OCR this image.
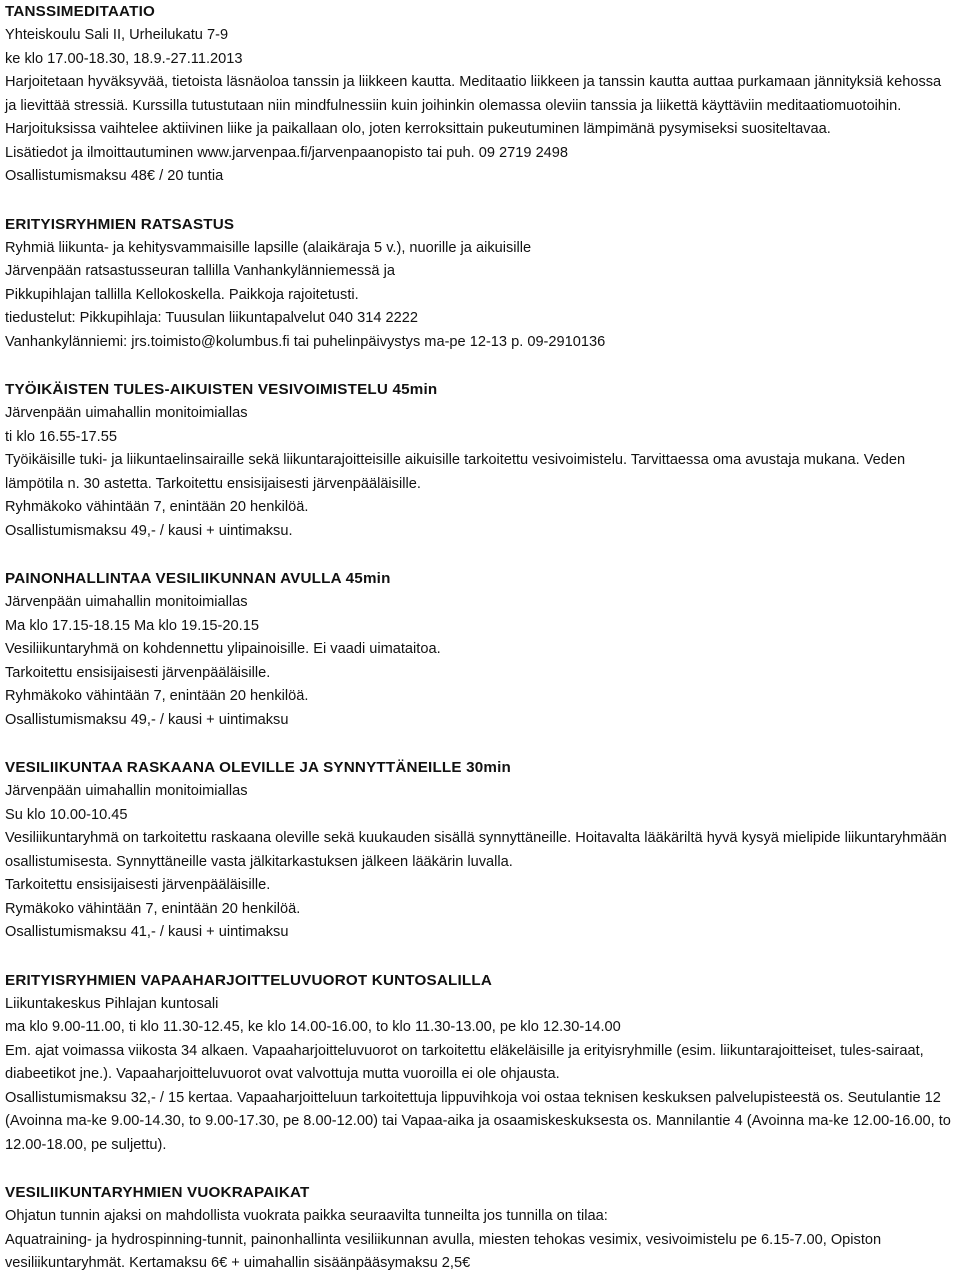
TANSSIMEDITAATIO
Yhteiskoulu Sali II, Urheilukatu 7-9
ke klo 17.00-18.30, 18.9.-27.11.2013
Harjoitetaan hyväksyvää, tietoista läsnäoloa tanssin ja liikkeen kautta. Meditaatio liikkeen ja tanssin kautta auttaa purkamaan jännityksiä kehossa ja lievittää stressiä. Kurssilla tutustutaan niin mindfulnessiin kuin joihinkin olemassa oleviin tanssia ja liikettä käyttäviin meditaatiomuotoihin. Harjoituksissa vaihtelee aktiivinen liike ja paikallaan olo, joten kerroksittain pukeutuminen lämpimänä pysymiseksi suositeltavaa.
Lisätiedot ja ilmoittautuminen www.jarvenpaa.fi/jarvenpaanopisto tai puh. 09 2719 2498
Osallistumismaksu 48€ / 20 tuntia
ERITYISRYHMIEN RATSASTUS
Ryhmiä liikunta- ja kehitysvammaisille lapsille (alaikäraja 5 v.), nuorille ja aikuisille
Järvenpään ratsastusseuran tallilla Vanhankylänniemessä ja
Pikkupihlajan tallilla Kellokoskella. Paikkoja rajoitetusti.
tiedustelut: Pikkupihlaja: Tuusulan liikuntapalvelut 040 314 2222
Vanhankylänniemi: jrs.toimisto@kolumbus.fi tai puhelinpäivystys ma-pe 12-13 p. 09-2910136
TYÖIKÄISTEN TULES-AIKUISTEN VESIVOIMISTELU 45min
Järvenpään uimahallin monitoimiallas
ti klo 16.55-17.55
Työikäisille tuki- ja liikuntaelinsairaille sekä liikuntarajoitteisille aikuisille tarkoitettu vesivoimistelu. Tarvittaessa oma avustaja mukana. Veden lämpötila n. 30 astetta. Tarkoitettu ensisijaisesti järvenpääläisille.
Ryhmäkoko vähintään 7, enintään 20 henkilöä.
Osallistumismaksu 49,- / kausi + uintimaksu.
PAINONHALLINTAA VESILIIKUNNAN AVULLA 45min
Järvenpään uimahallin monitoimiallas
Ma klo 17.15-18.15 Ma klo 19.15-20.15
Vesiliikuntaryhmä on kohdennettu ylipainoisille. Ei vaadi uimataitoa.
Tarkoitettu ensisijaisesti järvenpääläisille.
Ryhmäkoko vähintään 7, enintään 20 henkilöä.
Osallistumismaksu 49,- / kausi + uintimaksu
VESILIIKUNTAA RASKAANA OLEVILLE JA SYNNYTTÄNEILLE 30min
Järvenpään uimahallin monitoimiallas
Su klo 10.00-10.45
Vesiliikuntaryhmä on tarkoitettu raskaana oleville sekä kuukauden sisällä synnyttäneille. Hoitavalta lääkäriltä hyvä kysyä mielipide liikuntaryhmään osallistumisesta. Synnyttäneille vasta jälkitarkastuksen jälkeen lääkärin luvalla.
Tarkoitettu ensisijaisesti järvenpääläisille.
Rymäkoko vähintään 7, enintään 20 henkilöä.
Osallistumismaksu 41,- / kausi + uintimaksu
ERITYISRYHMIEN VAPAAHARJOITTELUVUOROT KUNTOSALILLA
Liikuntakeskus Pihlajan kuntosali
ma klo 9.00-11.00, ti klo 11.30-12.45, ke klo 14.00-16.00, to klo 11.30-13.00, pe klo 12.30-14.00
Em. ajat voimassa viikosta 34 alkaen. Vapaaharjoitteluvuorot on tarkoitettu eläkeläisille ja erityisryhmille (esim. liikuntarajoitteiset, tules-sairaat, diabeetikot jne.). Vapaaharjoitteluvuorot ovat valvottuja mutta vuoroilla ei ole ohjausta.
Osallistumismaksu 32,- / 15 kertaa. Vapaaharjoitteluun tarkoitettuja lippuvihkoja voi ostaa teknisen keskuksen palvelupisteestä os. Seutulantie 12 (Avoinna ma-ke 9.00-14.30, to 9.00-17.30, pe 8.00-12.00) tai Vapaa-aika ja osaamiskeskuksesta os. Mannilantie 4 (Avoinna ma-ke 12.00-16.00, to 12.00-18.00, pe suljettu).
VESILIIKUNTARYHMIEN VUOKRAPAIKAT
Ohjatun tunnin ajaksi on mahdollista vuokrata paikka seuraavilta tunneilta jos tunnilla on tilaa:
Aquatraining- ja hydrospinning-tunnit, painonhallinta vesiliikunnan avulla, miesten tehokas vesimix, vesivoimistelu pe 6.15-7.00, Opiston vesiliikuntaryhmät. Kertamaksu 6€ + uimahallin sisäänpääsymaksu 2,5€
